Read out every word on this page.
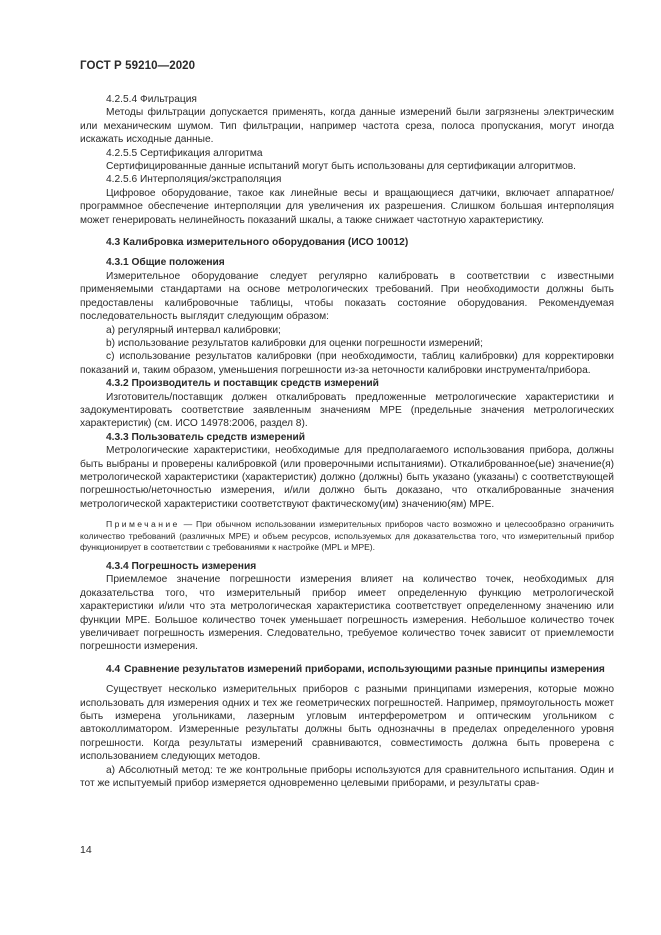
ГОСТ Р 59210—2020

4.2.5.4 Фильтрация

Методы фильтрации допускается применять, когда данные измерений были загрязнены электрическим или механическим шумом. Тип фильтрации, например частота среза, полоса пропускания, могут иногда искажать исходные данные.

4.2.5.5 Сертификация алгоритма

Сертифицированные данные испытаний могут быть использованы для сертификации алгоритмов.

4.2.5.6 Интерполяция/экстраполяция

Цифровое оборудование, такое как линейные весы и вращающиеся датчики, включает аппаратное/программное обеспечение интерполяции для увеличения их разрешения. Слишком большая интерполяция может генерировать нелинейность показаний шкалы, а также снижает частотную характеристику.

4.3 Калибровка измерительного оборудования (ИСО 10012)

4.3.1 Общие положения

Измерительное оборудование следует регулярно калибровать в соответствии с известными применяемыми стандартами на основе метрологических требований. При необходимости должны быть предоставлены калибровочные таблицы, чтобы показать состояние оборудования. Рекомендуемая последовательность выглядит следующим образом:

a) регулярный интервал калибровки;

b) использование результатов калибровки для оценки погрешности измерений;

c) использование результатов калибровки (при необходимости, таблиц калибровки) для корректировки показаний и, таким образом, уменьшения погрешности из-за неточности калибровки инструмента/прибора.

4.3.2 Производитель и поставщик средств измерений

Изготовитель/поставщик должен откалибровать предложенные метрологические характеристики и задокументировать соответствие заявленным значениям МРЕ (предельные значения метрологических характеристик) (см. ИСО 14978:2006, раздел 8).

4.3.3 Пользователь средств измерений

Метрологические характеристики, необходимые для предполагаемого использования прибора, должны быть выбраны и проверены калибровкой (или проверочными испытаниями). Откалиброванное(ые) значение(я) метрологической характеристики (характеристик) должно (должны) быть указано (указаны) с соответствующей погрешностью/неточностью измерения, и/или должно быть доказано, что откалиброванные значения метрологической характеристики соответствуют фактическому(им) значению(ям) МРЕ.

Примечание — При обычном использовании измерительных приборов часто возможно и целесообразно ограничить количество требований (различных МРЕ) и объем ресурсов, используемых для доказательства того, что измерительный прибор функционирует в соответствии с требованиями к настройке (MPL и МРЕ).

4.3.4 Погрешность измерения

Приемлемое значение погрешности измерения влияет на количество точек, необходимых для доказательства того, что измерительный прибор имеет определенную функцию метрологической характеристики и/или что эта метрологическая характеристика соответствует определенному значению или функции МРЕ. Большое количество точек уменьшает погрешность измерения. Небольшое количество точек увеличивает погрешность измерения. Следовательно, требуемое количество точек зависит от приемлемости погрешности измерения.

4.4 Сравнение результатов измерений приборами, использующими разные принципы измерения

Существует несколько измерительных приборов с разными принципами измерения, которые можно использовать для измерения одних и тех же геометрических погрешностей. Например, прямоугольность может быть измерена угольниками, лазерным угловым интерферометром и оптическим угольником с автоколлиматором. Измеренные результаты должны быть однозначны в пределах определенного уровня погрешности. Когда результаты измерений сравниваются, совместимость должна быть проверена с использованием следующих методов.

a) Абсолютный метод: те же контрольные приборы используются для сравнительного испытания. Один и тот же испытуемый прибор измеряется одновременно целевыми приборами, и результаты срав-

14
